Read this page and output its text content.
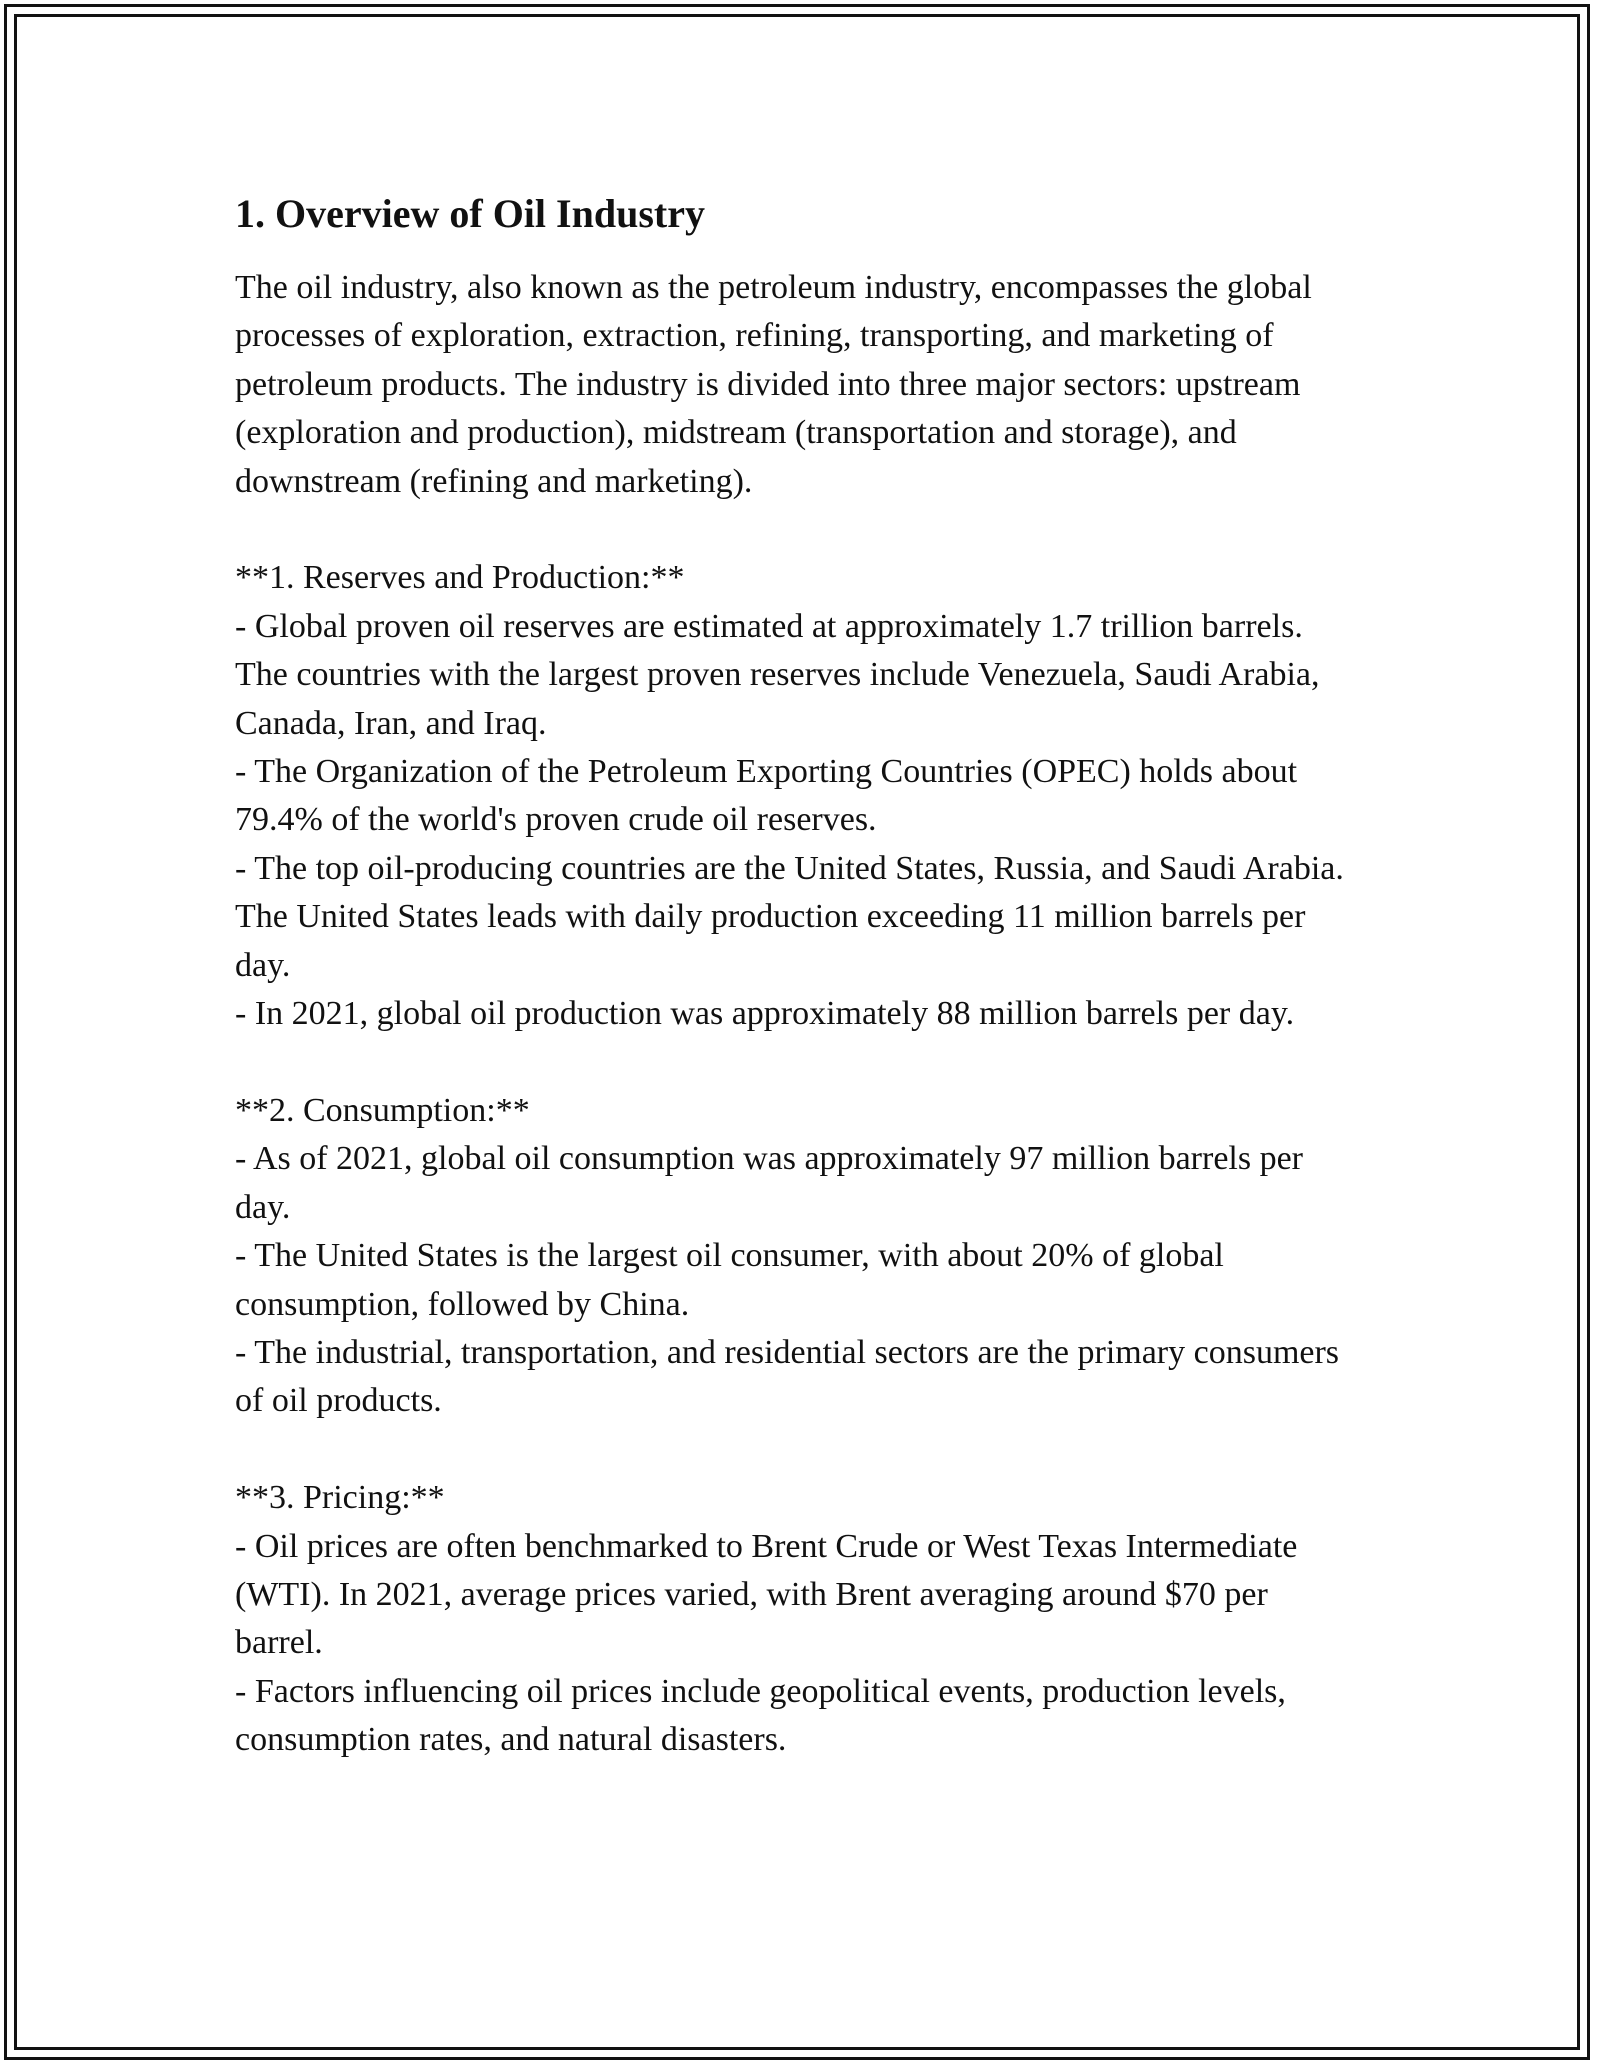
1. Overview of Oil Industry

The oil industry, also known as the petroleum industry, encompasses the global processes of exploration, extraction, refining, transporting, and marketing of petroleum products. The industry is divided into three major sectors: upstream (exploration and production), midstream (transportation and storage), and downstream (refining and marketing).

**1. Reserves and Production:**

- Global proven oil reserves are estimated at approximately 1.7 trillion barrels. The countries with the largest proven reserves include Venezuela, Saudi Arabia, Canada, Iran, and Iraq.

- The Organization of the Petroleum Exporting Countries (OPEC) holds about 79.4% of the world's proven crude oil reserves.

- The top oil-producing countries are the United States, Russia, and Saudi Arabia. The United States leads with daily production exceeding 11 million barrels per day.

- In 2021, global oil production was approximately 88 million barrels per day.

**2. Consumption:**

- As of 2021, global oil consumption was approximately 97 million barrels per day.

- The United States is the largest oil consumer, with about 20% of global consumption, followed by China.

- The industrial, transportation, and residential sectors are the primary consumers of oil products.

**3. Pricing:**

- Oil prices are often benchmarked to Brent Crude or West Texas Intermediate (WTI). In 2021, average prices varied, with Brent averaging around $70 per barrel.

- Factors influencing oil prices include geopolitical events, production levels, consumption rates, and natural disasters.
